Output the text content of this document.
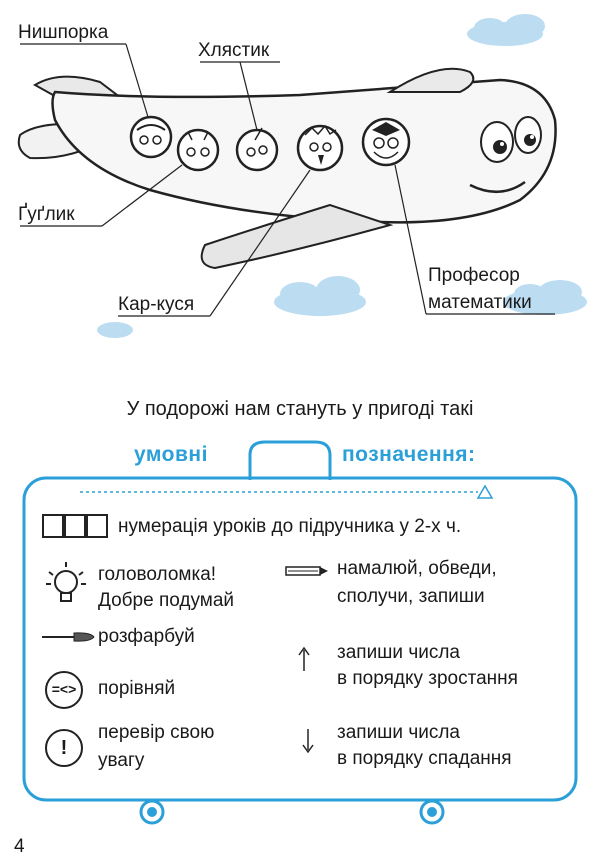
Нишпорка
Хлястик
Ґуґлик
Кар-куся
Професор
математики
У подорожі нам стануть у пригоді такі
умовні	позначення:
нумерація уроків до підручника у 2-х ч.
головоломка!
Добре подумай
намалюй, обведи,
сполучи, запиши
розфарбуй
запиши числа
в порядку зростання
=<>	порівняй
!
перевір свою
увагу
запиши числа
в порядку спадання
4
